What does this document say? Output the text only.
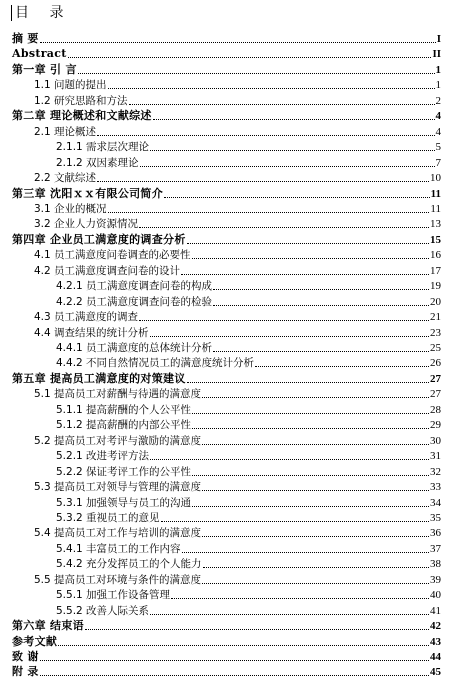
目 录
摘 要	I
Abstract	II
第一章 引 言	1
1.1 问题的提出	1
1.2 研究思路和方法	2
第二章 理论概述和文献综述	4
2.1 理论概述	4
2.1.1 需求层次理论	5
2.1.2 双因素理论	7
2.2 文献综述	10
第三章 沈阳ｘｘ有限公司简介	11
3.1 企业的概况	11
3.2 企业人力资源情况	13
第四章 企业员工满意度的调查分析	15
4.1 员工满意度问卷调查的必要性	16
4.2 员工满意度调查问卷的设计	17
4.2.1 员工满意度调查问卷的构成	19
4.2.2 员工满意度调查问卷的检验	20
4.3 员工满意度的调查	21
4.4 调查结果的统计分析	23
4.4.1 员工满意度的总体统计分析	25
4.4.2 不同自然情况员工的满意度统计分析	26
第五章 提高员工满意度的对策建议	27
5.1 提高员工对薪酬与待遇的满意度	27
5.1.1 提高薪酬的个人公平性	28
5.1.2 提高薪酬的内部公平性	29
5.2 提高员工对考评与激励的满意度	30
5.2.1 改进考评方法	31
5.2.2 保证考评工作的公平性	32
5.3 提高员工对领导与管理的满意度	33
5.3.1 加强领导与员工的沟通	34
5.3.2 重视员工的意见	35
5.4 提高员工对工作与培训的满意度	36
5.4.1 丰富员工的工作内容	37
5.4.2 充分发挥员工的个人能力	38
5.5 提高员工对环境与条件的满意度	39
5.5.1 加强工作设备管理	40
5.5.2 改善人际关系	41
第六章 结束语	42
参考文献	43
致 谢	44
附 录	45
